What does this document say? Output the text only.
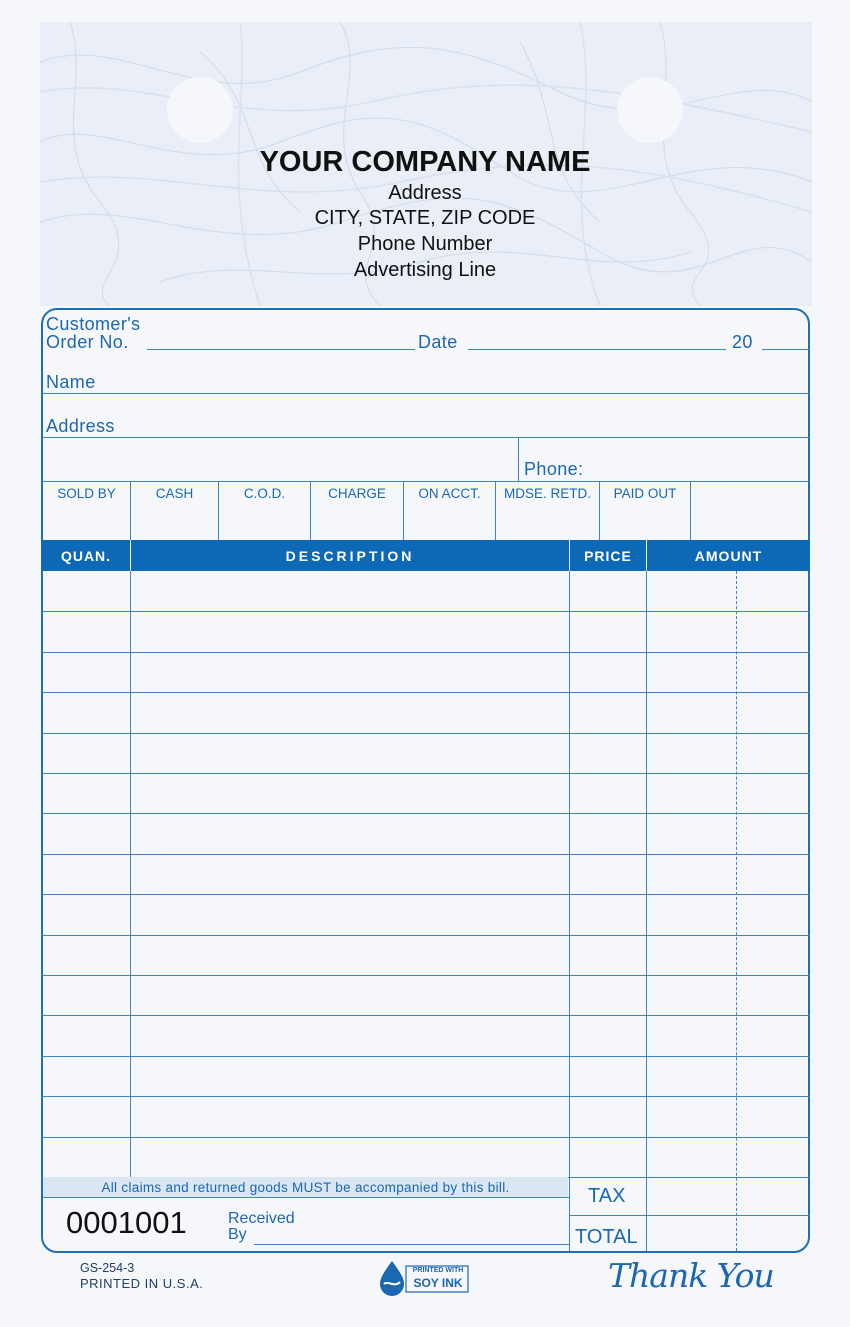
YOUR COMPANY NAME
Address
CITY, STATE, ZIP CODE
Phone Number
Advertising Line
Customer's
Order No.	Date	20
Name
Address
Phone:
SOLD BY	CASH	C.O.D.	CHARGE	ON ACCT.	MDSE. RETD.	PAID OUT
QUAN.	DESCRIPTION	PRICE	AMOUNT
All claims and returned goods MUST be accompanied by this bill.
0001001	Received
By
TAX
TOTAL
GS-254-3
PRINTED IN U.S.A.
PRINTED WITH
SOY INK	Thank You
